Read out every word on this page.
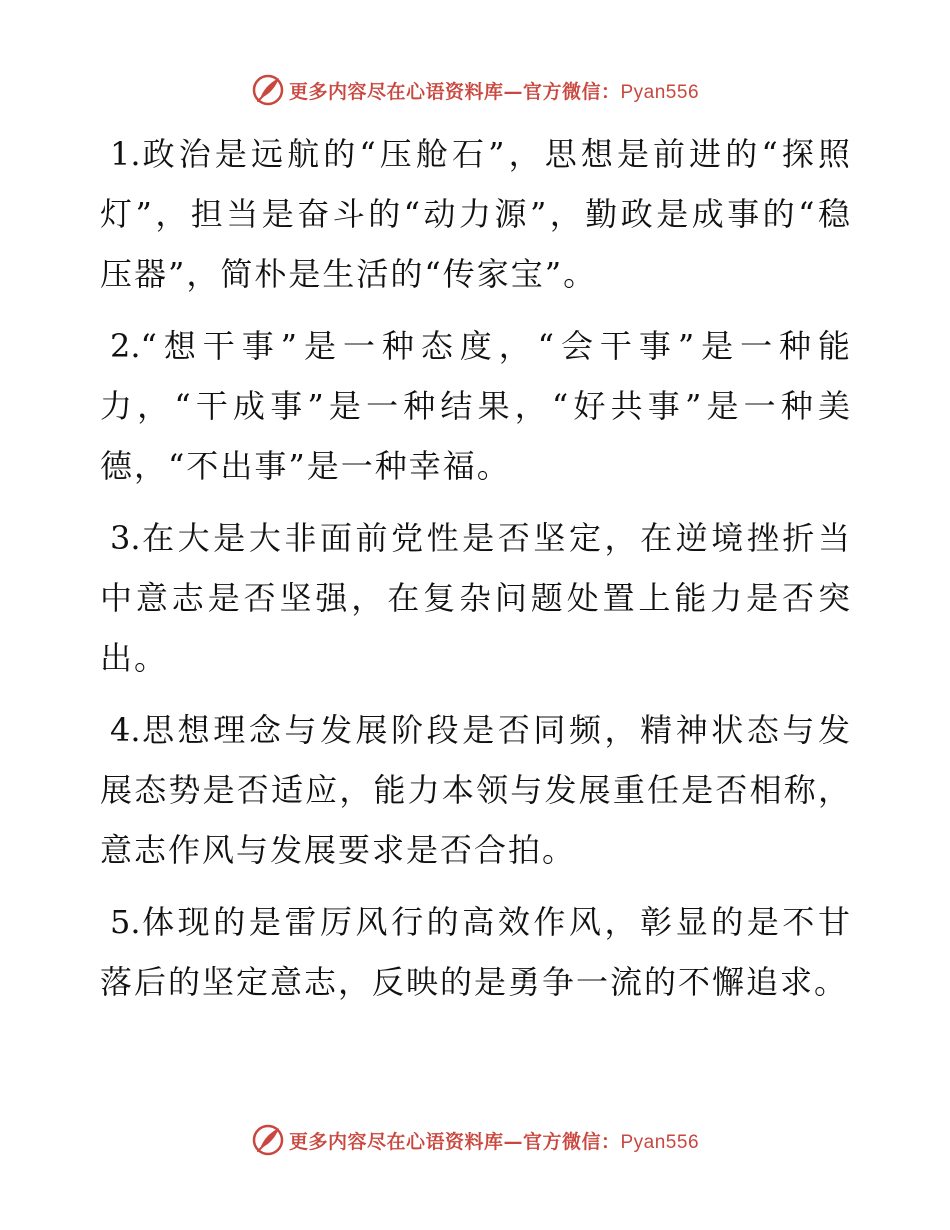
更多内容尽在心语资料库—官方微信：Pyan556

1.政治是远航的“压舱石”，思想是前进的“探照灯”，担当是奋斗的“动力源”，勤政是成事的“稳压器”，简朴是生活的“传家宝”。

2.“想干事”是一种态度，“会干事”是一种能力，“干成事”是一种结果，“好共事”是一种美德，“不出事”是一种幸福。

3.在大是大非面前党性是否坚定，在逆境挫折当中意志是否坚强，在复杂问题处置上能力是否突出。

4.思想理念与发展阶段是否同频，精神状态与发展态势是否适应，能力本领与发展重任是否相称，意志作风与发展要求是否合拍。

5.体现的是雷厉风行的高效作风，彰显的是不甘落后的坚定意志，反映的是勇争一流的不懈追求。

更多内容尽在心语资料库—官方微信：Pyan556
